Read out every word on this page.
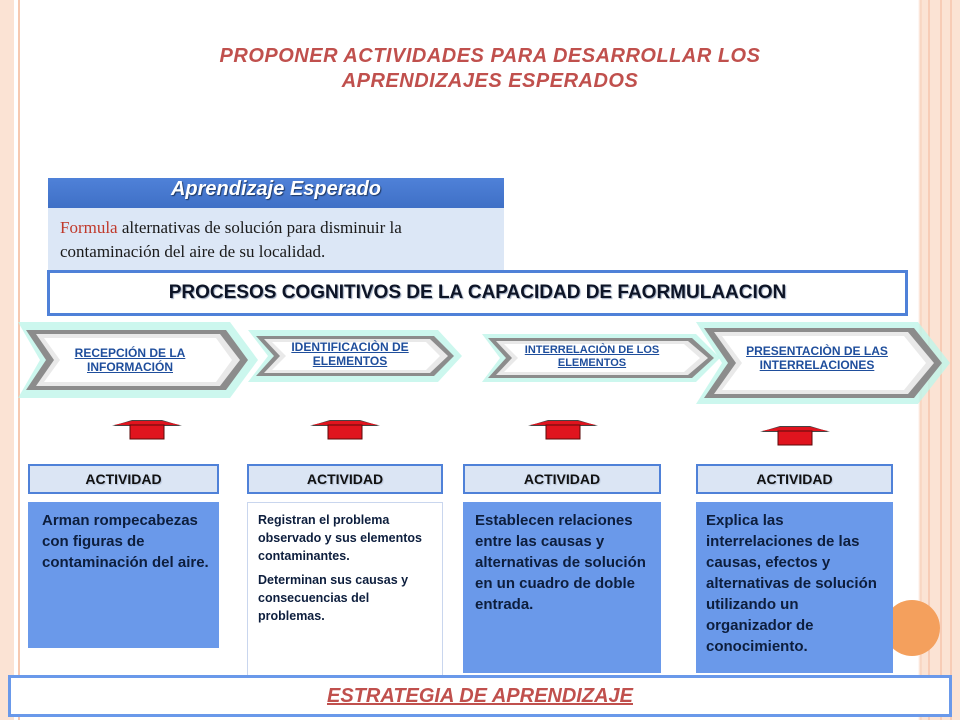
PROPONER ACTIVIDADES PARA DESARROLLAR LOS
APRENDIZAJES ESPERADOS
Aprendizaje Esperado
Formula alternativas de solución para disminuir la contaminación del aire de su localidad.
PROCESOS COGNITIVOS DE LA CAPACIDAD DE FAORMULAACION
RECEPCIÓN DE LA INFORMACIÓN
IDENTIFICACIÒN DE ELEMENTOS
INTERRELACIÒN DE LOS ELEMENTOS
PRESENTACIÒN DE LAS INTERRELACIONES
ACTIVIDAD

Arman rompecabezas con figuras de contaminación del aire.

ACTIVIDAD

Registran el problema observado y sus elementos contaminantes.

Determinan sus causas y consecuencias del problemas.

ACTIVIDAD

Establecen relaciones entre las causas y alternativas de solución en un cuadro de doble entrada.

ACTIVIDAD

Explica las interrelaciones de las causas, efectos y alternativas de solución utilizando un organizador de conocimiento.

ESTRATEGIA DE APRENDIZAJE
